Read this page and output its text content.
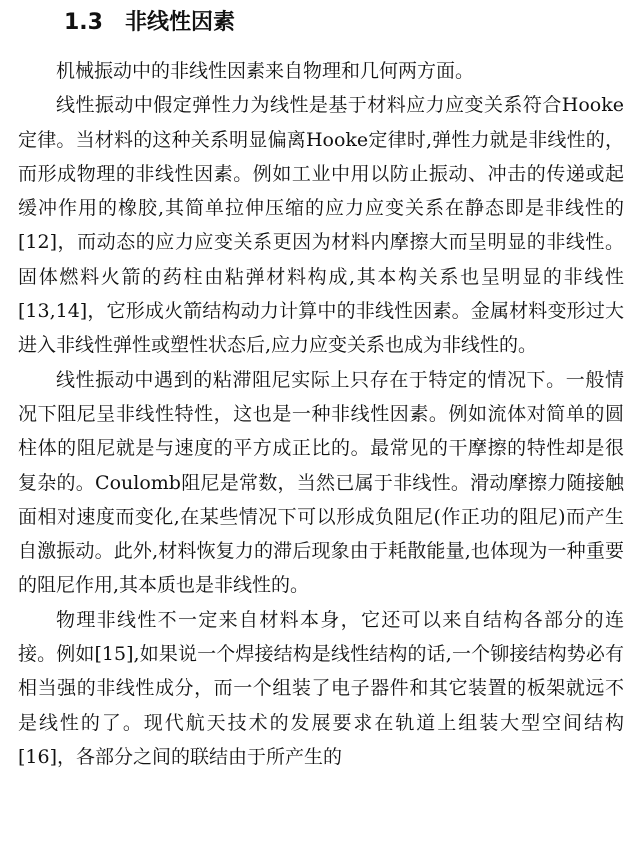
1.3 非线性因素

机械振动中的非线性因素来自物理和几何两方面。

线性振动中假定弹性力为线性是基于材料应力应变关系符合Hooke定律。当材料的这种关系明显偏离Hooke定律时,弹性力就是非线性的，而形成物理的非线性因素。例如工业中用以防止振动、冲击的传递或起缓冲作用的橡胶,其简单拉伸压缩的应力应变关系在静态即是非线性的[12]，而动态的应力应变关系更因为材料内摩擦大而呈明显的非线性。固体燃料火箭的药柱由粘弹材料构成,其本构关系也呈明显的非线性[13,14]，它形成火箭结构动力计算中的非线性因素。金属材料变形过大进入非线性弹性或塑性状态后,应力应变关系也成为非线性的。

线性振动中遇到的粘滞阻尼实际上只存在于特定的情况下。一般情况下阻尼呈非线性特性，这也是一种非线性因素。例如流体对简单的圆柱体的阻尼就是与速度的平方成正比的。最常见的干摩擦的特性却是很复杂的。Coulomb阻尼是常数，当然已属于非线性。滑动摩擦力随接触面相对速度而变化,在某些情况下可以形成负阻尼(作正功的阻尼)而产生自激振动。此外,材料恢复力的滞后现象由于耗散能量,也体现为一种重要的阻尼作用,其本质也是非线性的。

物理非线性不一定来自材料本身，它还可以来自结构各部分的连接。例如[15],如果说一个焊接结构是线性结构的话,一个铆接结构势必有相当强的非线性成分，而一个组装了电子器件和其它装置的板架就远不是线性的了。现代航天技术的发展要求在轨道上组装大型空间结构[16]，各部分之间的联结由于所产生的
